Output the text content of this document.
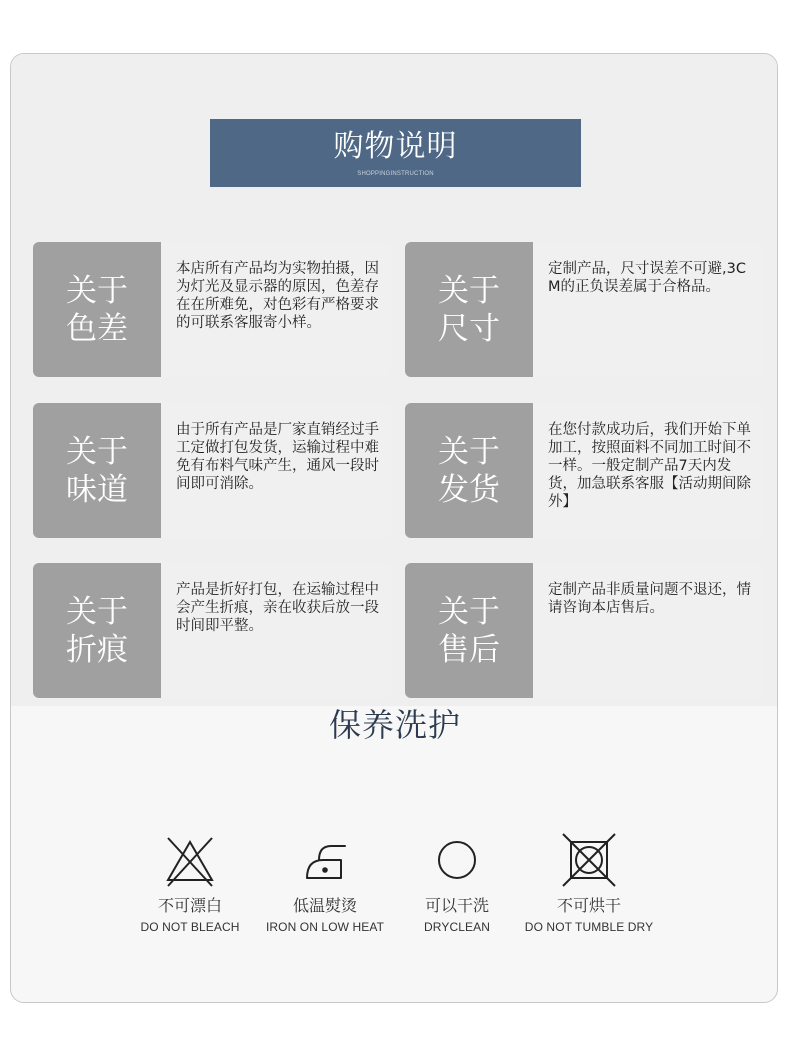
购物说明
SHOPPINGINSTRUCTION
关于
色差
本店所有产品均为实物拍摄，因为灯光及显示器的原因，色差存在在所难免，对色彩有严格要求的可联系客服寄小样。
关于
尺寸
定制产品，尺寸误差不可避,3CM的正负误差属于合格品。
关于
味道
由于所有产品是厂家直销经过手工定做打包发货，运输过程中难免有布料气味产生，通风一段时间即可消除。
关于
发货
在您付款成功后，我们开始下单加工，按照面料不同加工时间不一样。一般定制产品7天内发货，加急联系客服【活动期间除外】
关于
折痕
产品是折好打包，在运输过程中会产生折痕，亲在收获后放一段时间即平整。	关于
售后
定制产品非质量问题不退还，情请咨询本店售后。
保养洗护
不可漂白
DO NOT BLEACH
低温熨烫
IRON ON LOW HEAT
可以干洗
DRYCLEAN
不可烘干
DO NOT TUMBLE DRY
